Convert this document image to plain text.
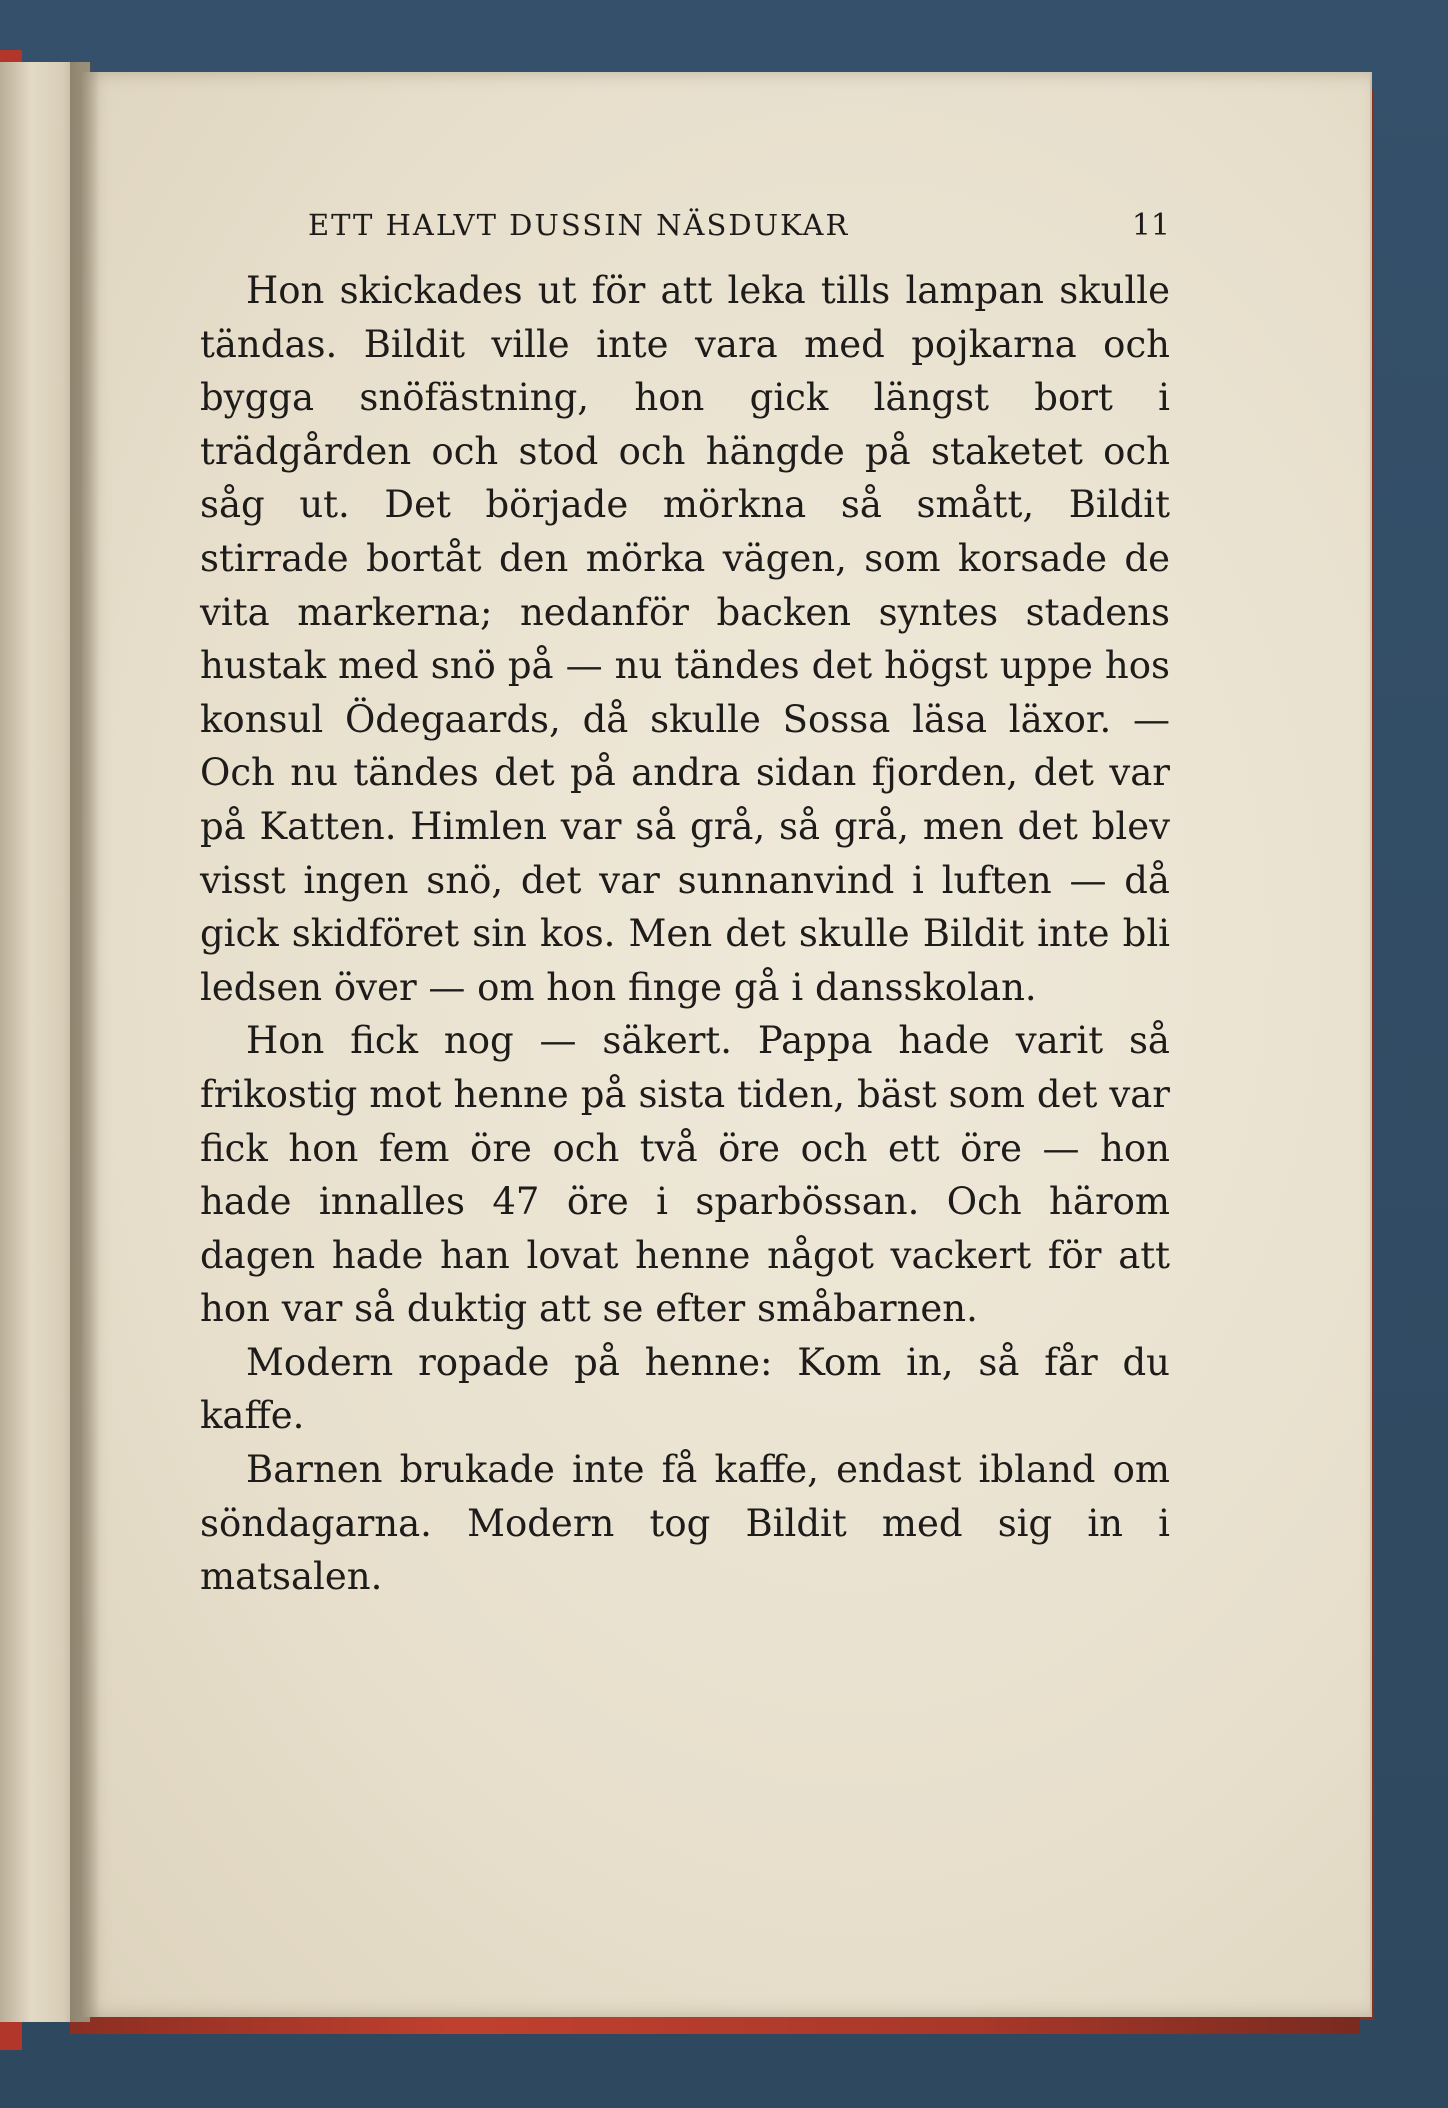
ETT HALVT DUSSIN NÄSDUKAR	11

Hon skickades ut för att leka tills lampan skulle tändas. Bildit ville inte vara med pojkarna och bygga snöfästning, hon gick längst bort i trädgården och stod och hängde på staketet och såg ut. Det började mörkna så smått, Bildit stirrade bortåt den mörka vägen, som korsade de vita markerna; nedanför backen syntes stadens hustak med snö på — nu tändes det högst uppe hos konsul Ödegaards, då skulle Sossa läsa läxor. — Och nu tändes det på andra sidan fjorden, det var på Katten. Himlen var så grå, så grå, men det blev visst ingen snö, det var sunnanvind i luften — då gick skidföret sin kos. Men det skulle Bildit inte bli ledsen över — om hon finge gå i dansskolan.

Hon fick nog — säkert. Pappa hade varit så frikostig mot henne på sista tiden, bäst som det var fick hon fem öre och två öre och ett öre — hon hade innalles 47 öre i sparbössan. Och härom dagen hade han lovat henne något vackert för att hon var så duktig att se efter småbarnen.

Modern ropade på henne: Kom in, så får du kaffe.

Barnen brukade inte få kaffe, endast ibland om söndagarna. Modern tog Bildit med sig in i matsalen.
